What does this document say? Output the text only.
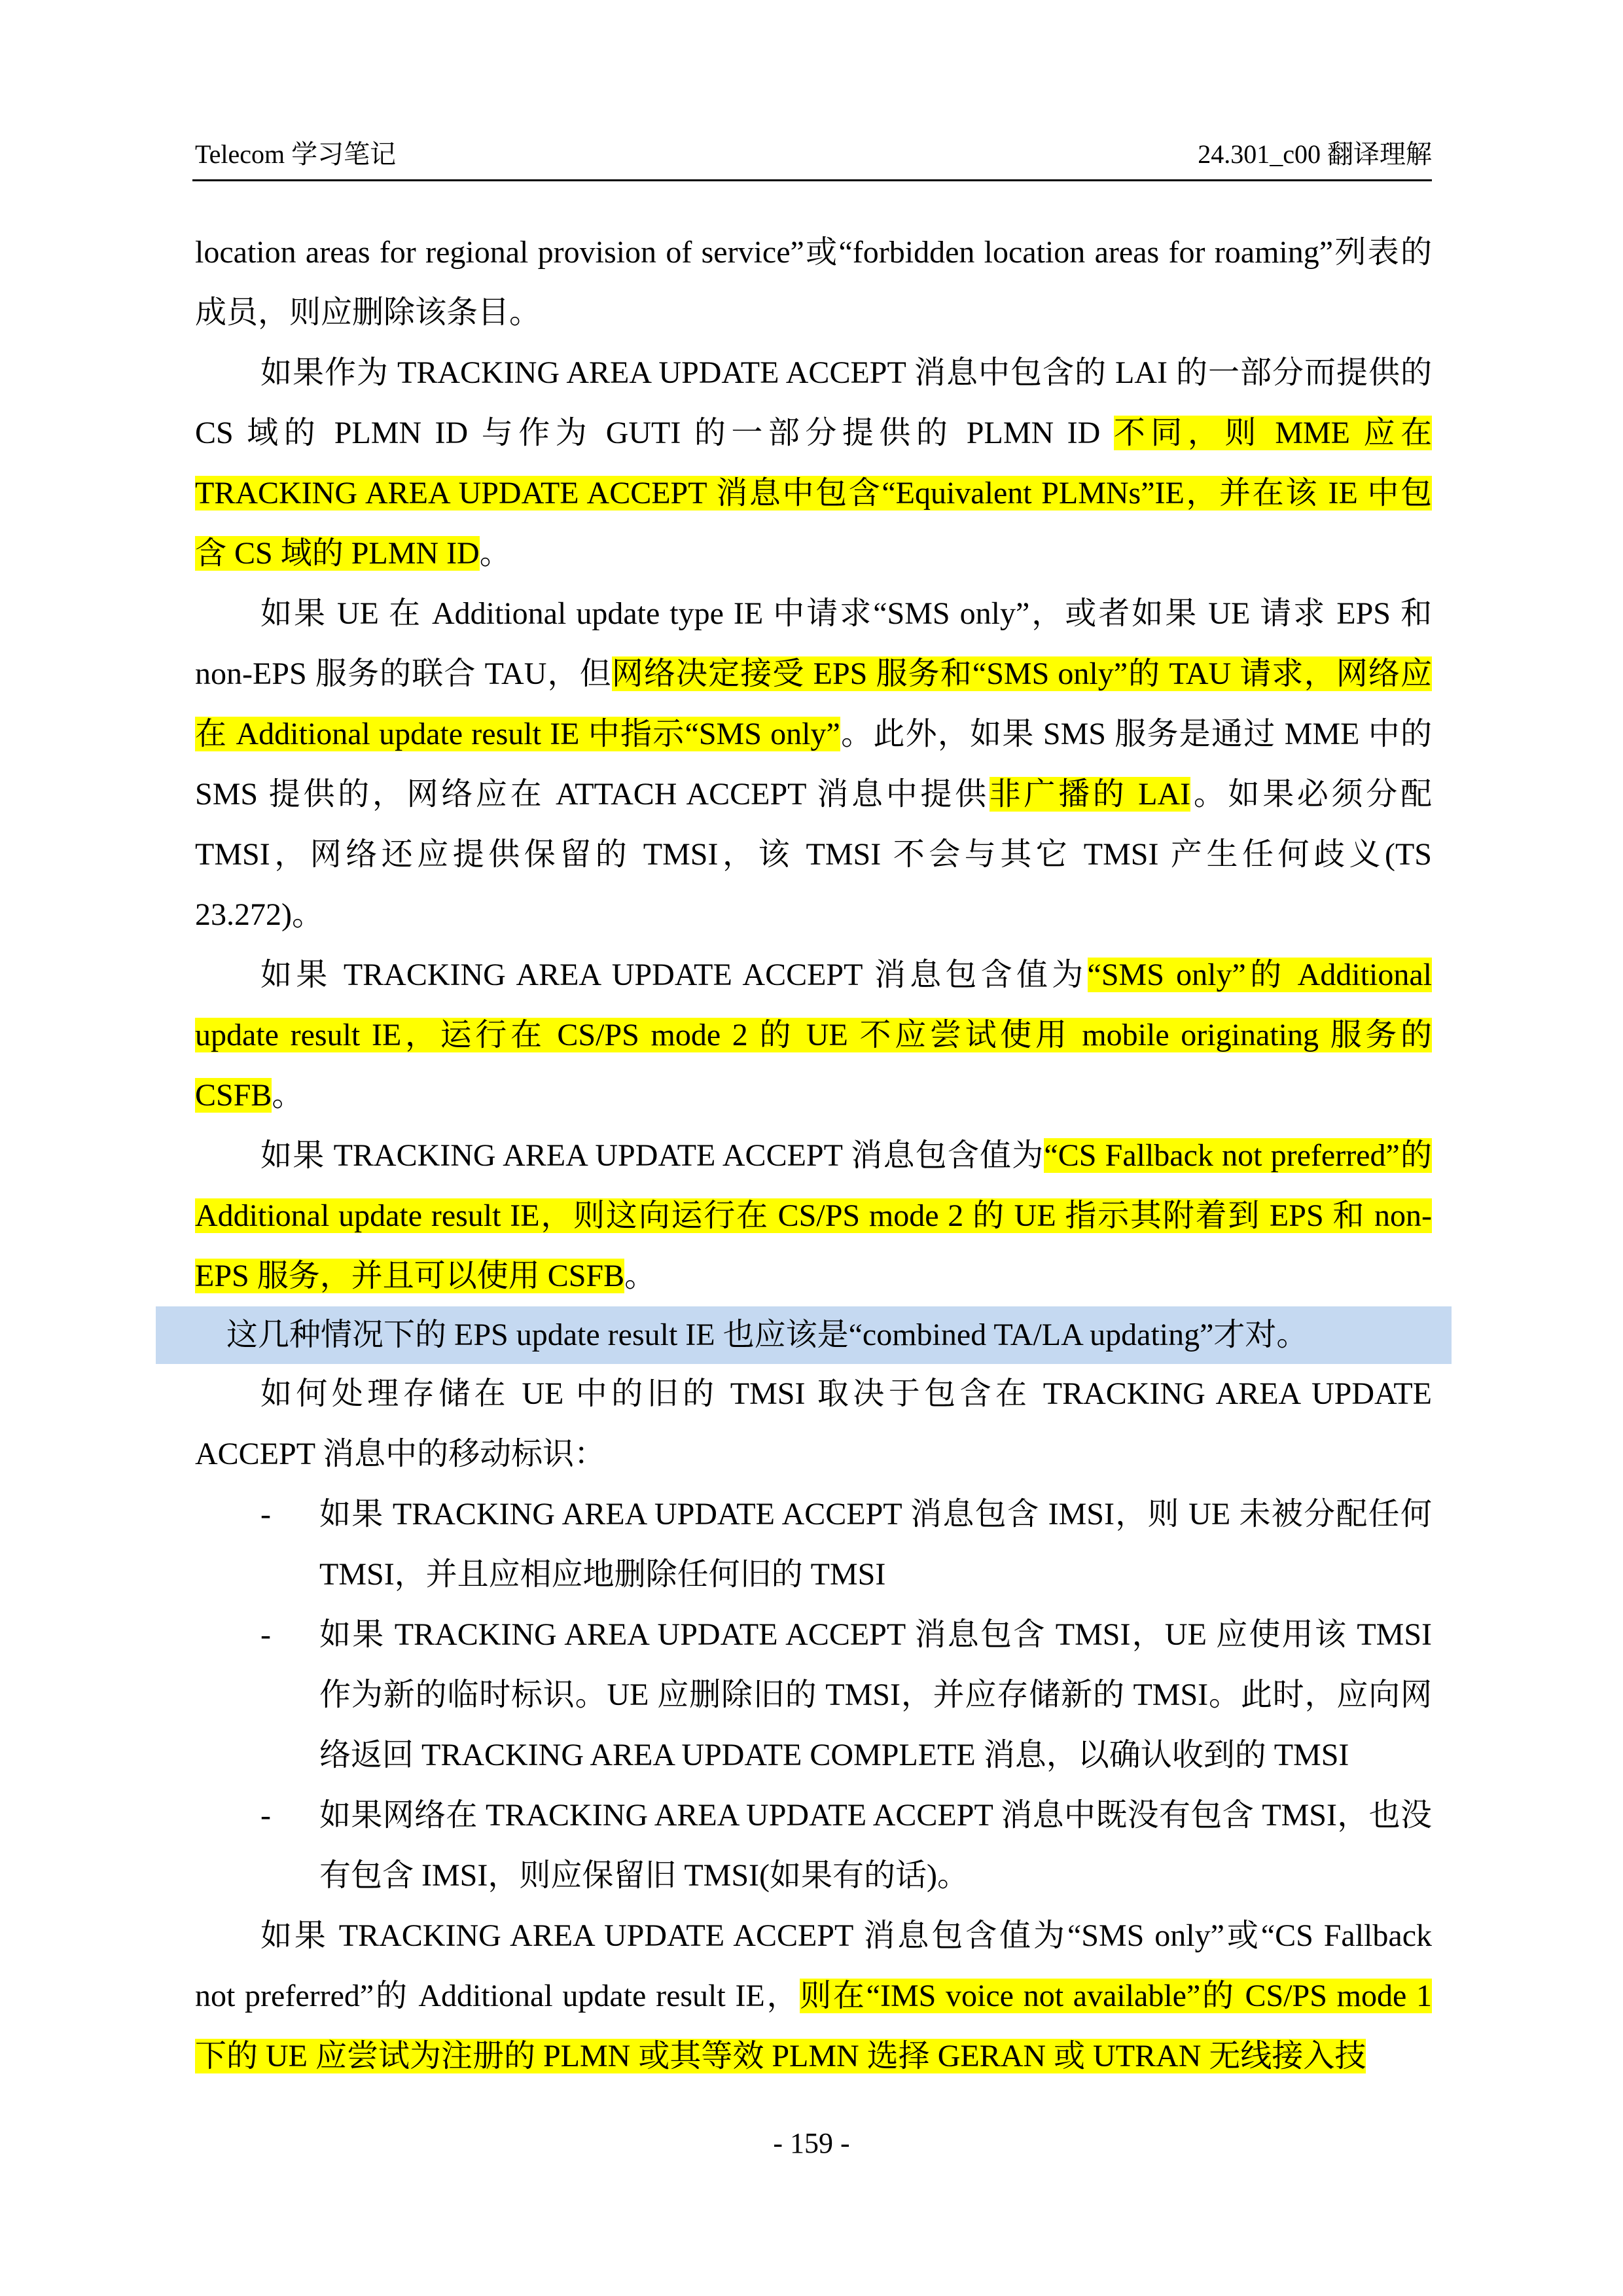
Telecom 学习笔记	24.301_c00 翻译理解

location areas for regional provision of service”或“forbidden location areas for roaming”列表的成员，则应删除该条目。

如果作为 TRACKING AREA UPDATE ACCEPT 消息中包含的 LAI 的一部分而提供的 CS 域的 PLMN ID 与作为 GUTI 的一部分提供的 PLMN ID 不同，则 MME 应在 TRACKING AREA UPDATE ACCEPT 消息中包含“Equivalent PLMNs”IE，并在该 IE 中包含 CS 域的 PLMN ID。

如果 UE 在 Additional update type IE 中请求“SMS only”，或者如果 UE 请求 EPS 和 non-EPS 服务的联合 TAU，但网络决定接受 EPS 服务和“SMS only”的 TAU 请求，网络应在 Additional update result IE 中指示“SMS only”。此外，如果 SMS 服务是通过 MME 中的 SMS 提供的，网络应在 ATTACH ACCEPT 消息中提供非广播的 LAI。如果必须分配 TMSI，网络还应提供保留的 TMSI，该 TMSI 不会与其它 TMSI 产生任何歧义(TS 23.272)。

如果 TRACKING AREA UPDATE ACCEPT 消息包含值为“SMS only”的 Additional update result IE，运行在 CS/PS mode 2 的 UE 不应尝试使用 mobile originating 服务的 CSFB。

如果 TRACKING AREA UPDATE ACCEPT 消息包含值为“CS Fallback not preferred”的 Additional update result IE，则这向运行在 CS/PS mode 2 的 UE 指示其附着到 EPS 和 non-EPS 服务，并且可以使用 CSFB。

这几种情况下的 EPS update result IE 也应该是“combined TA/LA updating”才对。

如何处理存储在 UE 中的旧的 TMSI 取决于包含在 TRACKING AREA UPDATE ACCEPT 消息中的移动标识：

- 如果 TRACKING AREA UPDATE ACCEPT 消息包含 IMSI，则 UE 未被分配任何 TMSI，并且应相应地删除任何旧的 TMSI

- 如果 TRACKING AREA UPDATE ACCEPT 消息包含 TMSI，UE 应使用该 TMSI 作为新的临时标识。UE 应删除旧的 TMSI，并应存储新的 TMSI。此时，应向网络返回 TRACKING AREA UPDATE COMPLETE 消息，以确认收到的 TMSI

- 如果网络在 TRACKING AREA UPDATE ACCEPT 消息中既没有包含 TMSI，也没有包含 IMSI，则应保留旧 TMSI(如果有的话)。

如果 TRACKING AREA UPDATE ACCEPT 消息包含值为“SMS only”或“CS Fallback not preferred”的 Additional update result IE，则在“IMS voice not available”的 CS/PS mode 1 下的 UE 应尝试为注册的 PLMN 或其等效 PLMN 选择 GERAN 或 UTRAN 无线接入技

- 159 -
